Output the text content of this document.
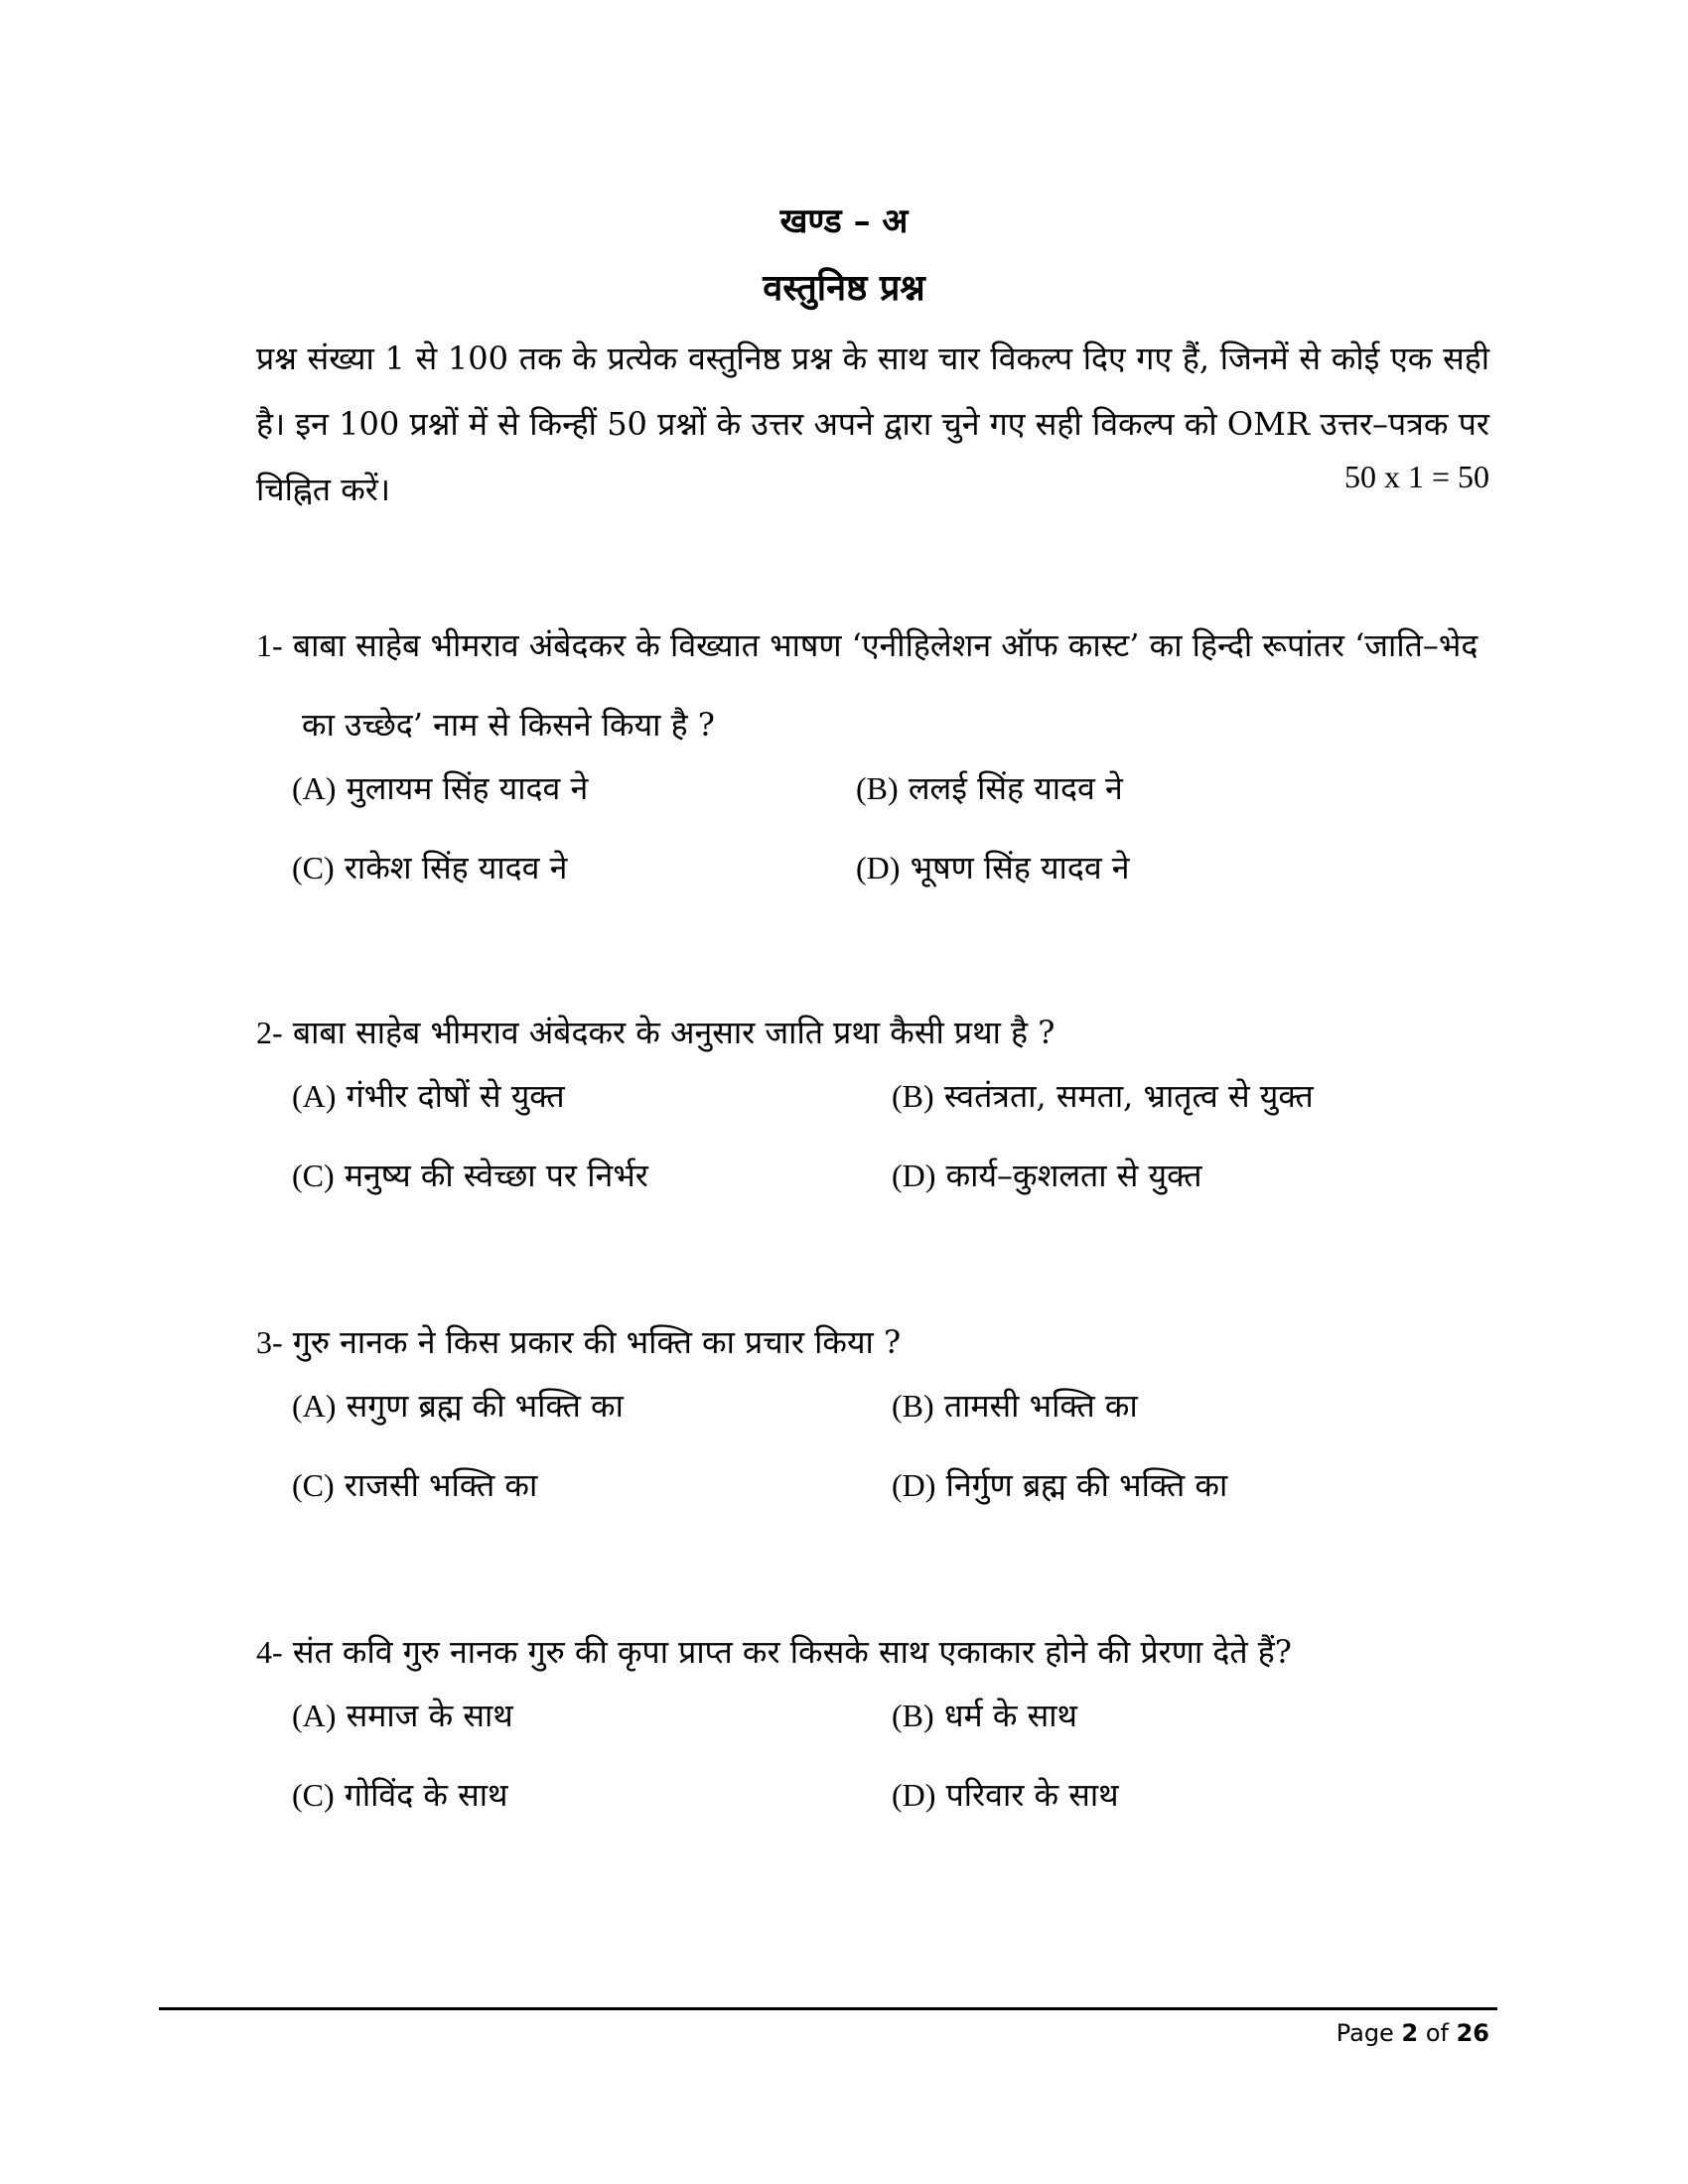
खण्ड – अ
वस्तुनिष्ठ प्रश्न
प्रश्न संख्या 1 से 100 तक के प्रत्येक वस्तुनिष्ठ प्रश्न के साथ चार विकल्प दिए गए हैं, जिनमें से कोई एक सही है। इन 100 प्रश्नों में से किन्हीं 50 प्रश्नों के उत्तर अपने द्वारा चुने गए सही विकल्प को OMR उत्तर–पत्रक पर चिह्नित करें।	50 x 1 = 50
1- बाबा साहेब भीमराव अंबेदकर के विख्यात भाषण ‘एनीहिलेशन ऑफ कास्ट’ का हिन्दी रूपांतर ‘जाति–भेद का उच्छेद’ नाम से किसने किया है ?
(A) मुलायम सिंह यादव ने	(B) ललई सिंह यादव ने
(C) राकेश सिंह यादव ने	(D) भूषण सिंह यादव ने
2- बाबा साहेब भीमराव अंबेदकर के अनुसार जाति प्रथा कैसी प्रथा है ?
(A) गंभीर दोषों से युक्त	(B) स्वतंत्रता, समता, भ्रातृत्व से युक्त
(C) मनुष्य की स्वेच्छा पर निर्भर	(D) कार्य–कुशलता से युक्त
3- गुरु नानक ने किस प्रकार की भक्ति का प्रचार किया ?
(A) सगुण ब्रह्म की भक्ति का	(B) तामसी भक्ति का
(C) राजसी भक्ति का	(D) निर्गुण ब्रह्म की भक्ति का
4- संत कवि गुरु नानक गुरु की कृपा प्राप्त कर किसके साथ एकाकार होने की प्रेरणा देते हैं?
(A) समाज के साथ	(B) धर्म के साथ
(C) गोविंद के साथ	(D) परिवार के साथ
Page 2 of 26
